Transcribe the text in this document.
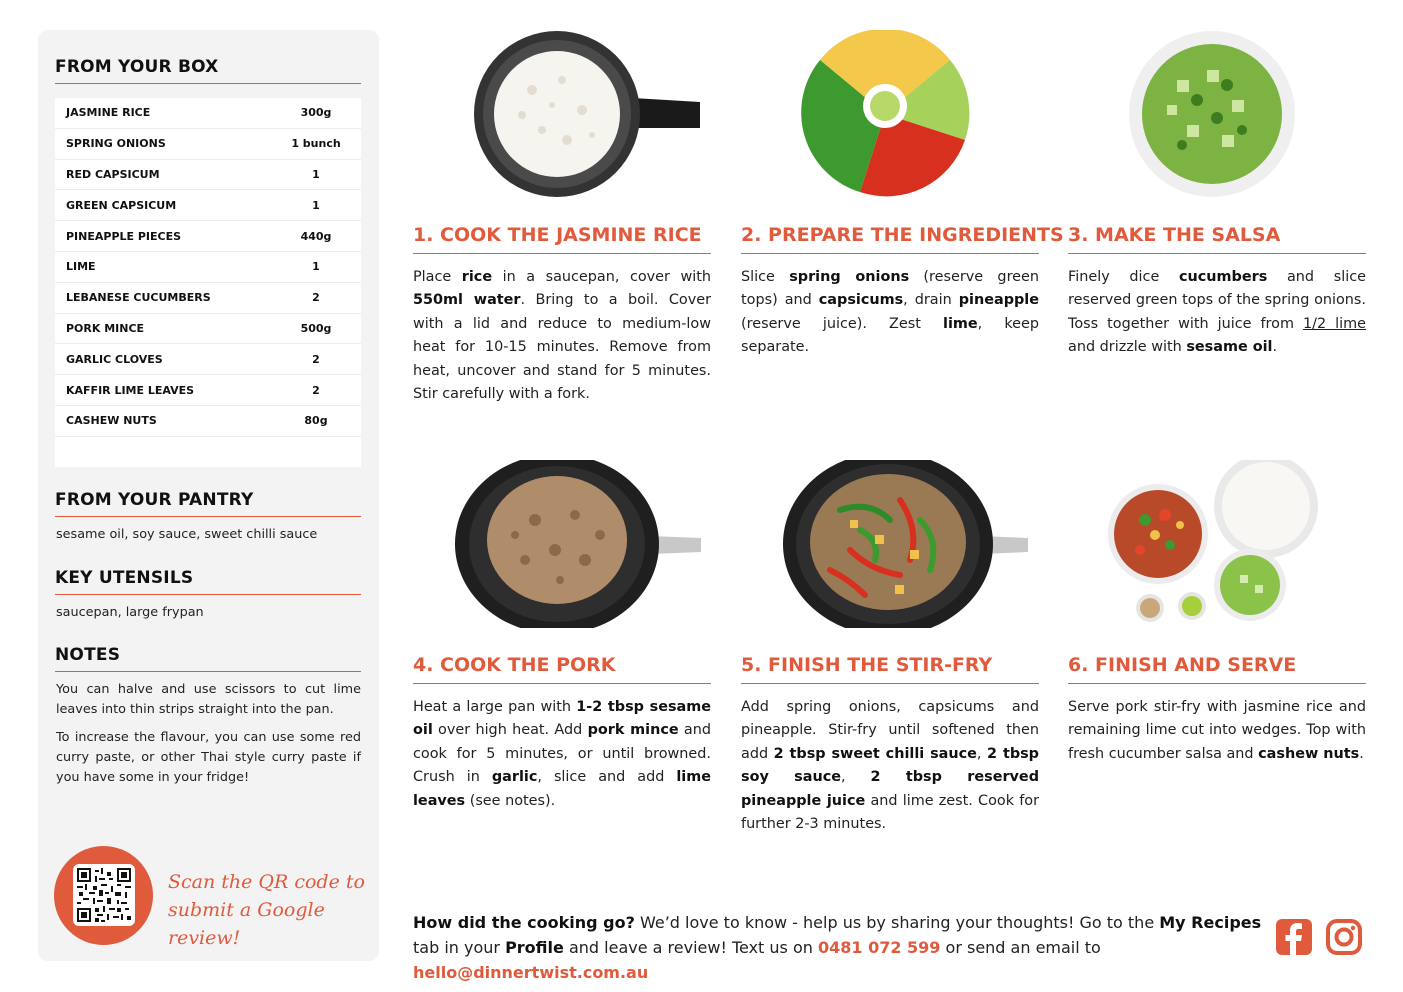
FROM YOUR BOX
JASMINE RICE	300g
SPRING ONIONS	1 bunch
RED CAPSICUM	1
GREEN CAPSICUM	1
PINEAPPLE PIECES	440g
LIME	1
LEBANESE CUCUMBERS	2
PORK MINCE	500g
GARLIC CLOVES	2
KAFFIR LIME LEAVES	2
CASHEW NUTS	80g
FROM YOUR PANTRY
sesame oil, soy sauce, sweet chilli sauce
KEY UTENSILS
saucepan, large frypan
NOTES

You can halve and use scissors to cut lime leaves into thin strips straight into the pan.

To increase the flavour, you can use some red curry paste, or other Thai style curry paste if you have some in your fridge!

Scan the QR code to
submit a Google review!
1. COOK THE JASMINE RICE	2. PREPARE THE INGREDIENTS 3. MAKE THE SALSA
4. COOK THE PORK	5. FINISH THE STIR-FRY	6. FINISH AND SERVE
Place rice in a saucepan, cover with 550ml water. Bring to a boil. Cover with a lid and reduce to medium-low heat for 10-15 minutes. Remove from heat, uncover and stand for 5 minutes. Stir carefully with a fork.
Slice spring onions (reserve green tops) and capsicums, drain pineapple (reserve juice). Zest lime, keep separate.
Finely dice cucumbers and slice reserved green tops of the spring onions. Toss together with juice from 1/2 lime and drizzle with sesame oil.
Heat a large pan with 1-2 tbsp sesame oil over high heat. Add pork mince and cook for 5 minutes, or until browned. Crush in garlic, slice and add lime leaves (see notes).
Add spring onions, capsicums and pineapple. Stir-fry until softened then add 2 tbsp sweet chilli sauce, 2 tbsp soy sauce, 2 tbsp reserved pineapple juice and lime zest. Cook for further 2-3 minutes.
Serve pork stir-fry with jasmine rice and remaining lime cut into wedges. Top with fresh cucumber salsa and cashew nuts.
How did the cooking go? We’d love to know - help us by sharing your thoughts! Go to the My Recipes tab in your Profile and leave a review! Text us on 0481 072 599 or send an email to hello@dinnertwist.com.au
